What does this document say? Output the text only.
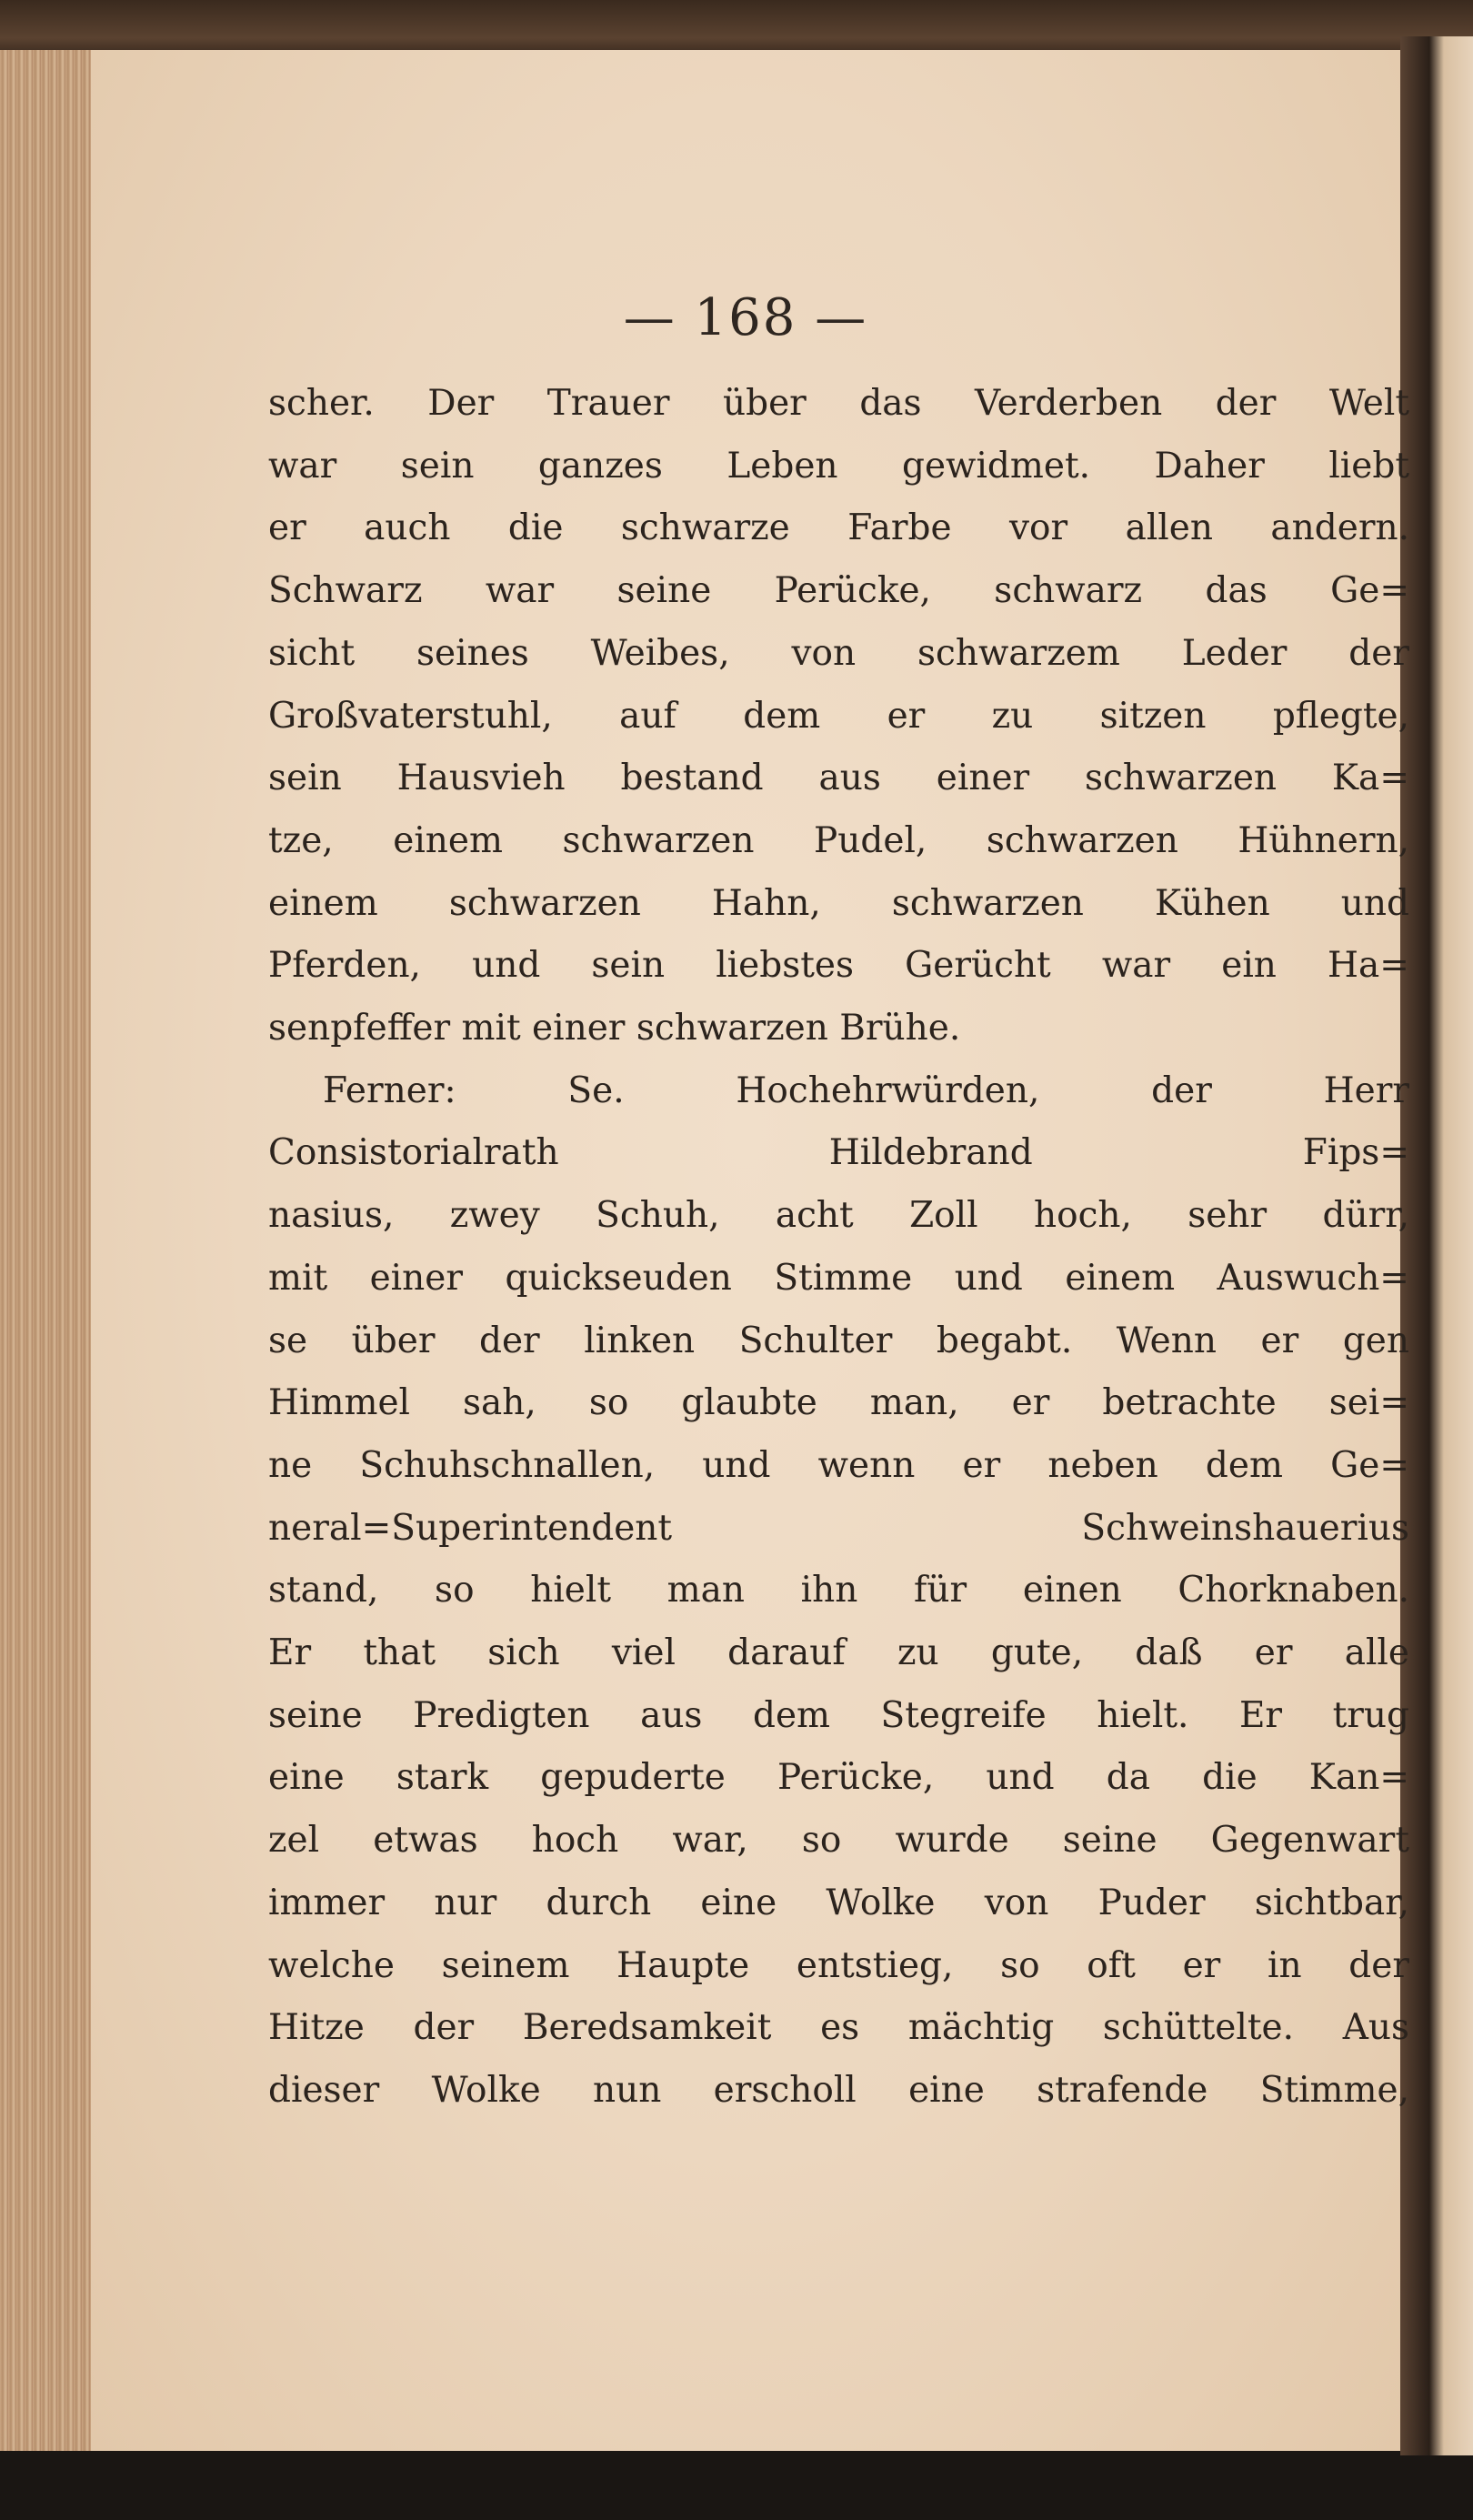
— 168 —
scher. Der Trauer über das Verderben der Welt
war sein ganzes Leben gewidmet. Daher liebt
er auch die schwarze Farbe vor allen andern.
Schwarz war seine Perücke, schwarz das Ge=
sicht seines Weibes, von schwarzem Leder der
Großvaterstuhl, auf dem er zu sitzen pflegte,
sein Hausvieh bestand aus einer schwarzen Ka=
tze, einem schwarzen Pudel, schwarzen Hühnern,
einem schwarzen Hahn, schwarzen Kühen und
Pferden, und sein liebstes Gerücht war ein Ha=
senpfeffer mit einer schwarzen Brühe.
Ferner: Se. Hochehrwürden, der Herr
Consistorialrath Hildebrand Fips=
nasius, zwey Schuh, acht Zoll hoch, sehr dürr,
mit einer quickseuden Stimme und einem Auswuch=
se über der linken Schulter begabt. Wenn er gen
Himmel sah, so glaubte man, er betrachte sei=
ne Schuhschnallen, und wenn er neben dem Ge=
neral=Superintendent Schweinshauerius
stand, so hielt man ihn für einen Chorknaben.
Er that sich viel darauf zu gute, daß er alle
seine Predigten aus dem Stegreife hielt. Er trug
eine stark gepuderte Perücke, und da die Kan=
zel etwas hoch war, so wurde seine Gegenwart
immer nur durch eine Wolke von Puder sichtbar,
welche seinem Haupte entstieg, so oft er in der
Hitze der Beredsamkeit es mächtig schüttelte. Aus
dieser Wolke nun erscholl eine strafende Stimme,
